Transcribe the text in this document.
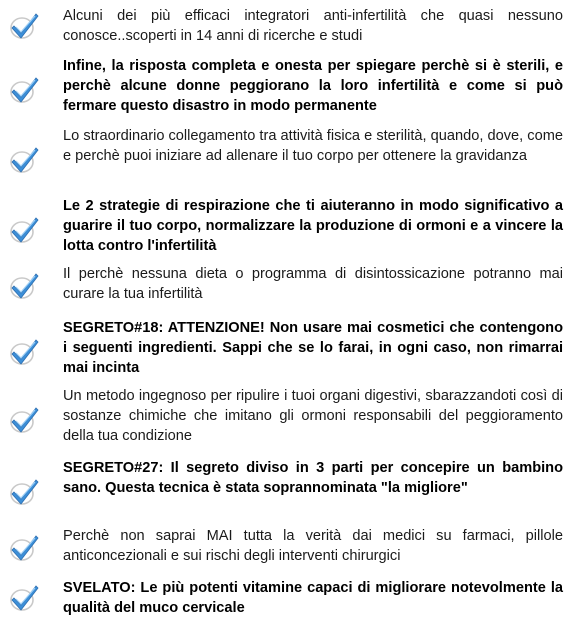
Alcuni dei più efficaci integratori anti-infertilità che quasi nessuno conosce..scoperti in 14 anni di ricerche e studi
Infine, la risposta completa e onesta per spiegare perchè si è sterili, e perchè alcune donne peggiorano la loro infertilità e come si può fermare questo disastro in modo permanente
Lo straordinario collegamento tra attività fisica e sterilità, quando, dove, come e perchè puoi iniziare ad allenare il tuo corpo per ottenere la gravidanza
Le 2 strategie di respirazione che ti aiuteranno in modo significativo a guarire il tuo corpo, normalizzare la produzione di ormoni e a vincere la lotta contro l'infertilità
Il perchè nessuna dieta o programma di disintossicazione potranno mai curare la tua infertilità
SEGRETO#18: ATTENZIONE! Non usare mai cosmetici che contengono i seguenti ingredienti. Sappi che se lo farai, in ogni caso, non rimarrai mai incinta
Un metodo ingegnoso per ripulire i tuoi organi digestivi, sbarazzandoti così di sostanze chimiche che imitano gli ormoni responsabili del peggioramento della tua condizione
SEGRETO#27: Il segreto diviso in 3 parti per concepire un bambino sano. Questa tecnica è stata soprannominata "la migliore"
Perchè non saprai MAI tutta la verità dai medici su farmaci, pillole anticoncezionali e sui rischi degli interventi chirurgici
SVELATO: Le più potenti vitamine capaci di migliorare notevolmente la qualità del muco cervicale
